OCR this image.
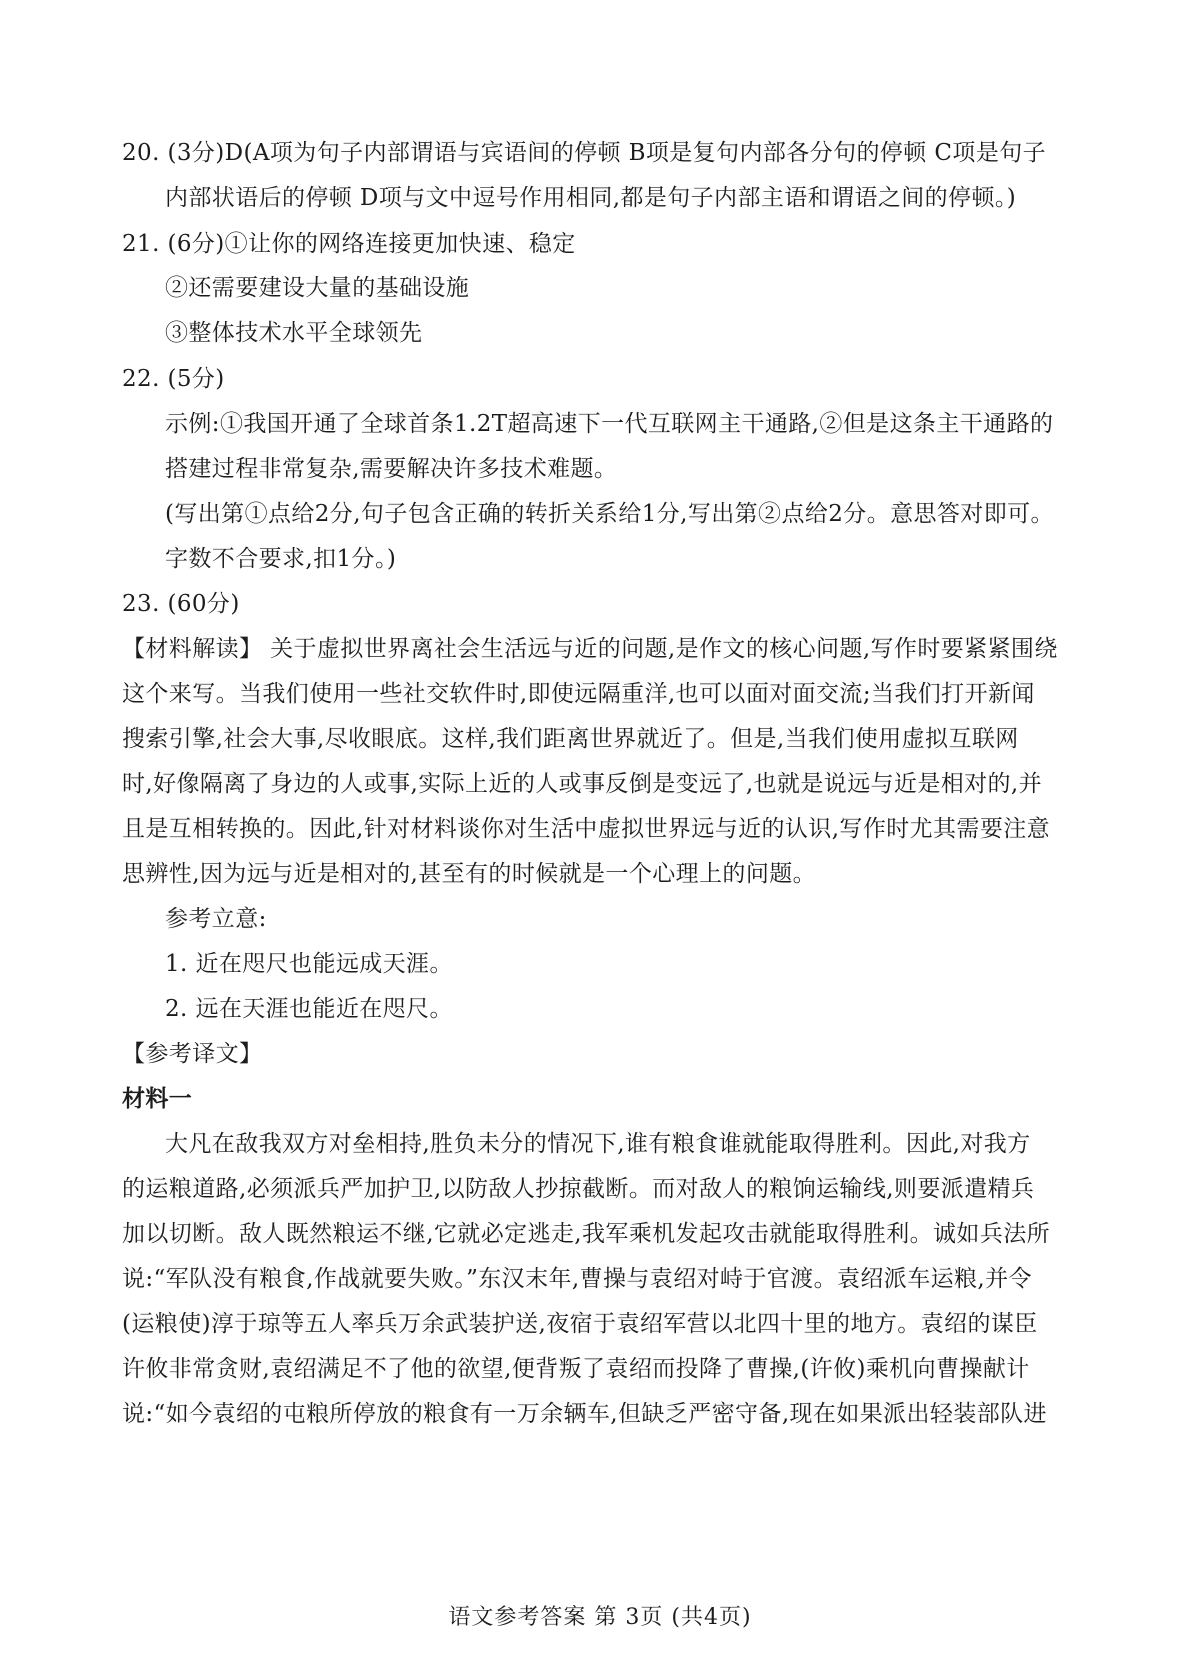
20. (3分)D(A项为句子内部谓语与宾语间的停顿 B项是复句内部各分句的停顿 C项是句子
内部状语后的停顿 D项与文中逗号作用相同,都是句子内部主语和谓语之间的停顿。)
21. (6分)①让你的网络连接更加快速、稳定
②还需要建设大量的基础设施
③整体技术水平全球领先
22. (5分)
示例:①我国开通了全球首条1.2T超高速下一代互联网主干通路,②但是这条主干通路的
搭建过程非常复杂,需要解决许多技术难题。
(写出第①点给2分,句子包含正确的转折关系给1分,写出第②点给2分。意思答对即可。
字数不合要求,扣1分。)
23. (60分)
【材料解读】 关于虚拟世界离社会生活远与近的问题,是作文的核心问题,写作时要紧紧围绕
这个来写。当我们使用一些社交软件时,即使远隔重洋,也可以面对面交流;当我们打开新闻
搜索引擎,社会大事,尽收眼底。这样,我们距离世界就近了。但是,当我们使用虚拟互联网
时,好像隔离了身边的人或事,实际上近的人或事反倒是变远了,也就是说远与近是相对的,并
且是互相转换的。因此,针对材料谈你对生活中虚拟世界远与近的认识,写作时尤其需要注意
思辨性,因为远与近是相对的,甚至有的时候就是一个心理上的问题。
参考立意:
1. 近在咫尺也能远成天涯。
2. 远在天涯也能近在咫尺。
【参考译文】
材料一
大凡在敌我双方对垒相持,胜负未分的情况下,谁有粮食谁就能取得胜利。因此,对我方
的运粮道路,必须派兵严加护卫,以防敌人抄掠截断。而对敌人的粮饷运输线,则要派遣精兵
加以切断。敌人既然粮运不继,它就必定逃走,我军乘机发起攻击就能取得胜利。诚如兵法所
说:“军队没有粮食,作战就要失败。”东汉末年,曹操与袁绍对峙于官渡。袁绍派车运粮,并令
(运粮使)淳于琼等五人率兵万余武装护送,夜宿于袁绍军营以北四十里的地方。袁绍的谋臣
许攸非常贪财,袁绍满足不了他的欲望,便背叛了袁绍而投降了曹操,(许攸)乘机向曹操献计
说:“如今袁绍的屯粮所停放的粮食有一万余辆车,但缺乏严密守备,现在如果派出轻装部队进
语文参考答案 第 3页 (共4页)
